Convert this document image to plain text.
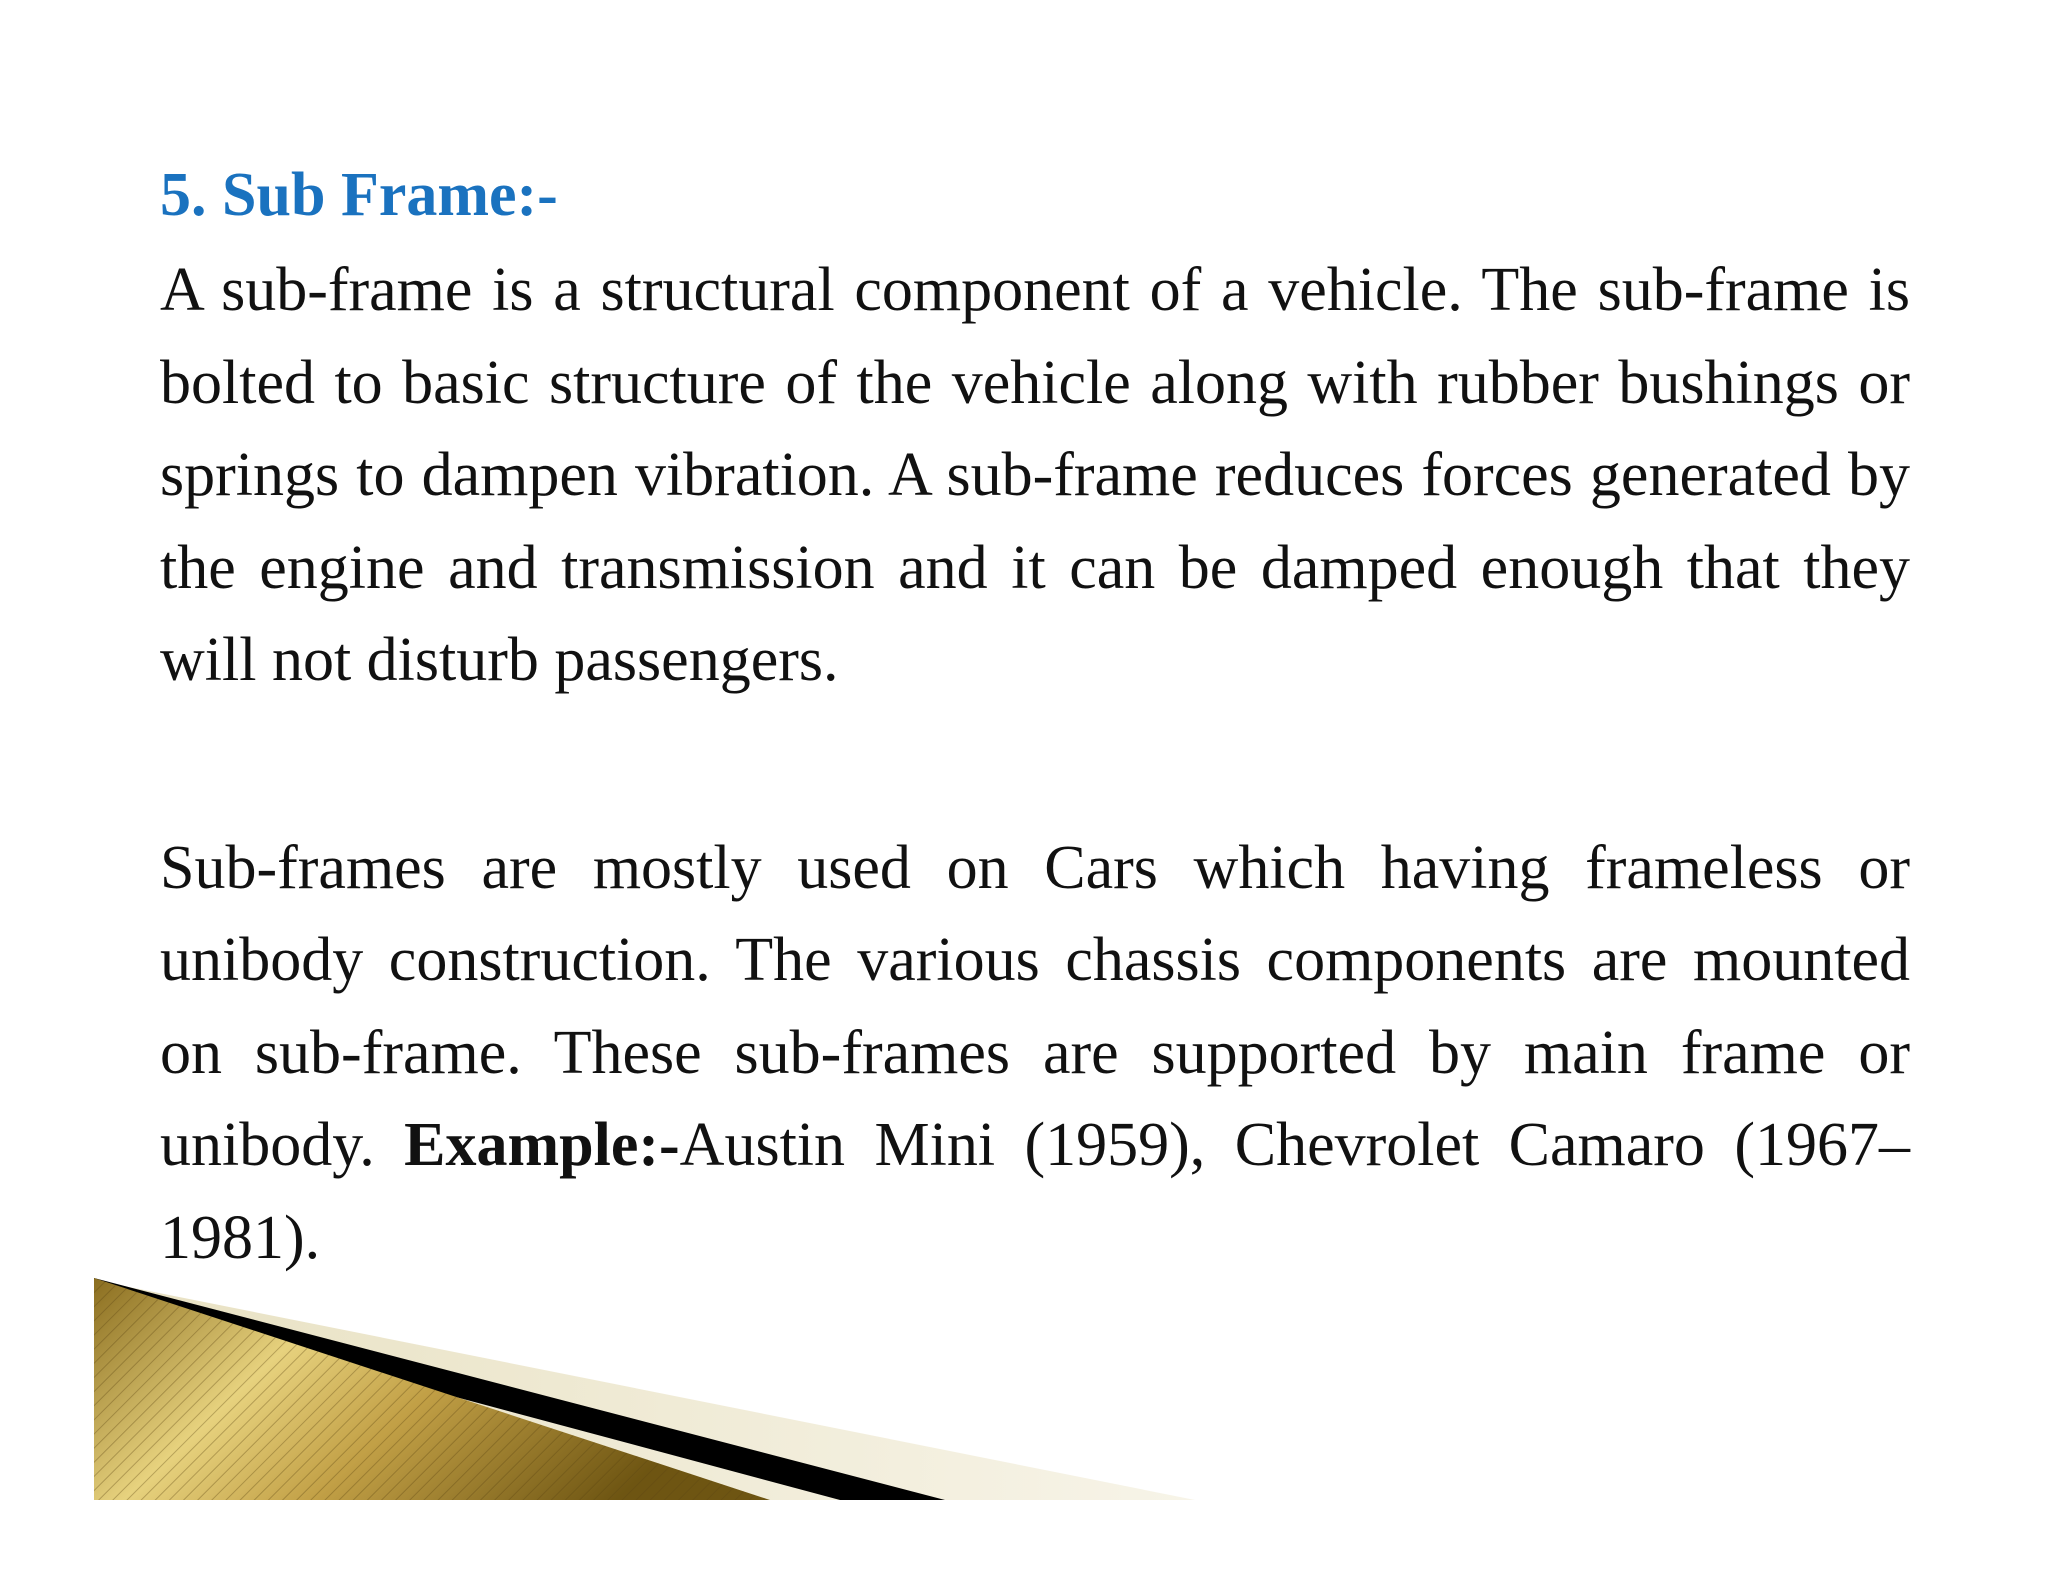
5. Sub Frame:-

A sub-frame is a structural component of a vehicle. The sub-frame is bolted to basic structure of the vehicle along with rubber bushings or springs to dampen vibration. A sub-frame reduces forces generated by the engine and transmission and it can be damped enough that they will not disturb passengers.

Sub-frames are mostly used on Cars which having frameless or unibody construction. The various chassis components are mounted on sub-frame. These sub-frames are supported by main frame or unibody. Example:-Austin Mini (1959), Chevrolet Camaro (1967–1981).
